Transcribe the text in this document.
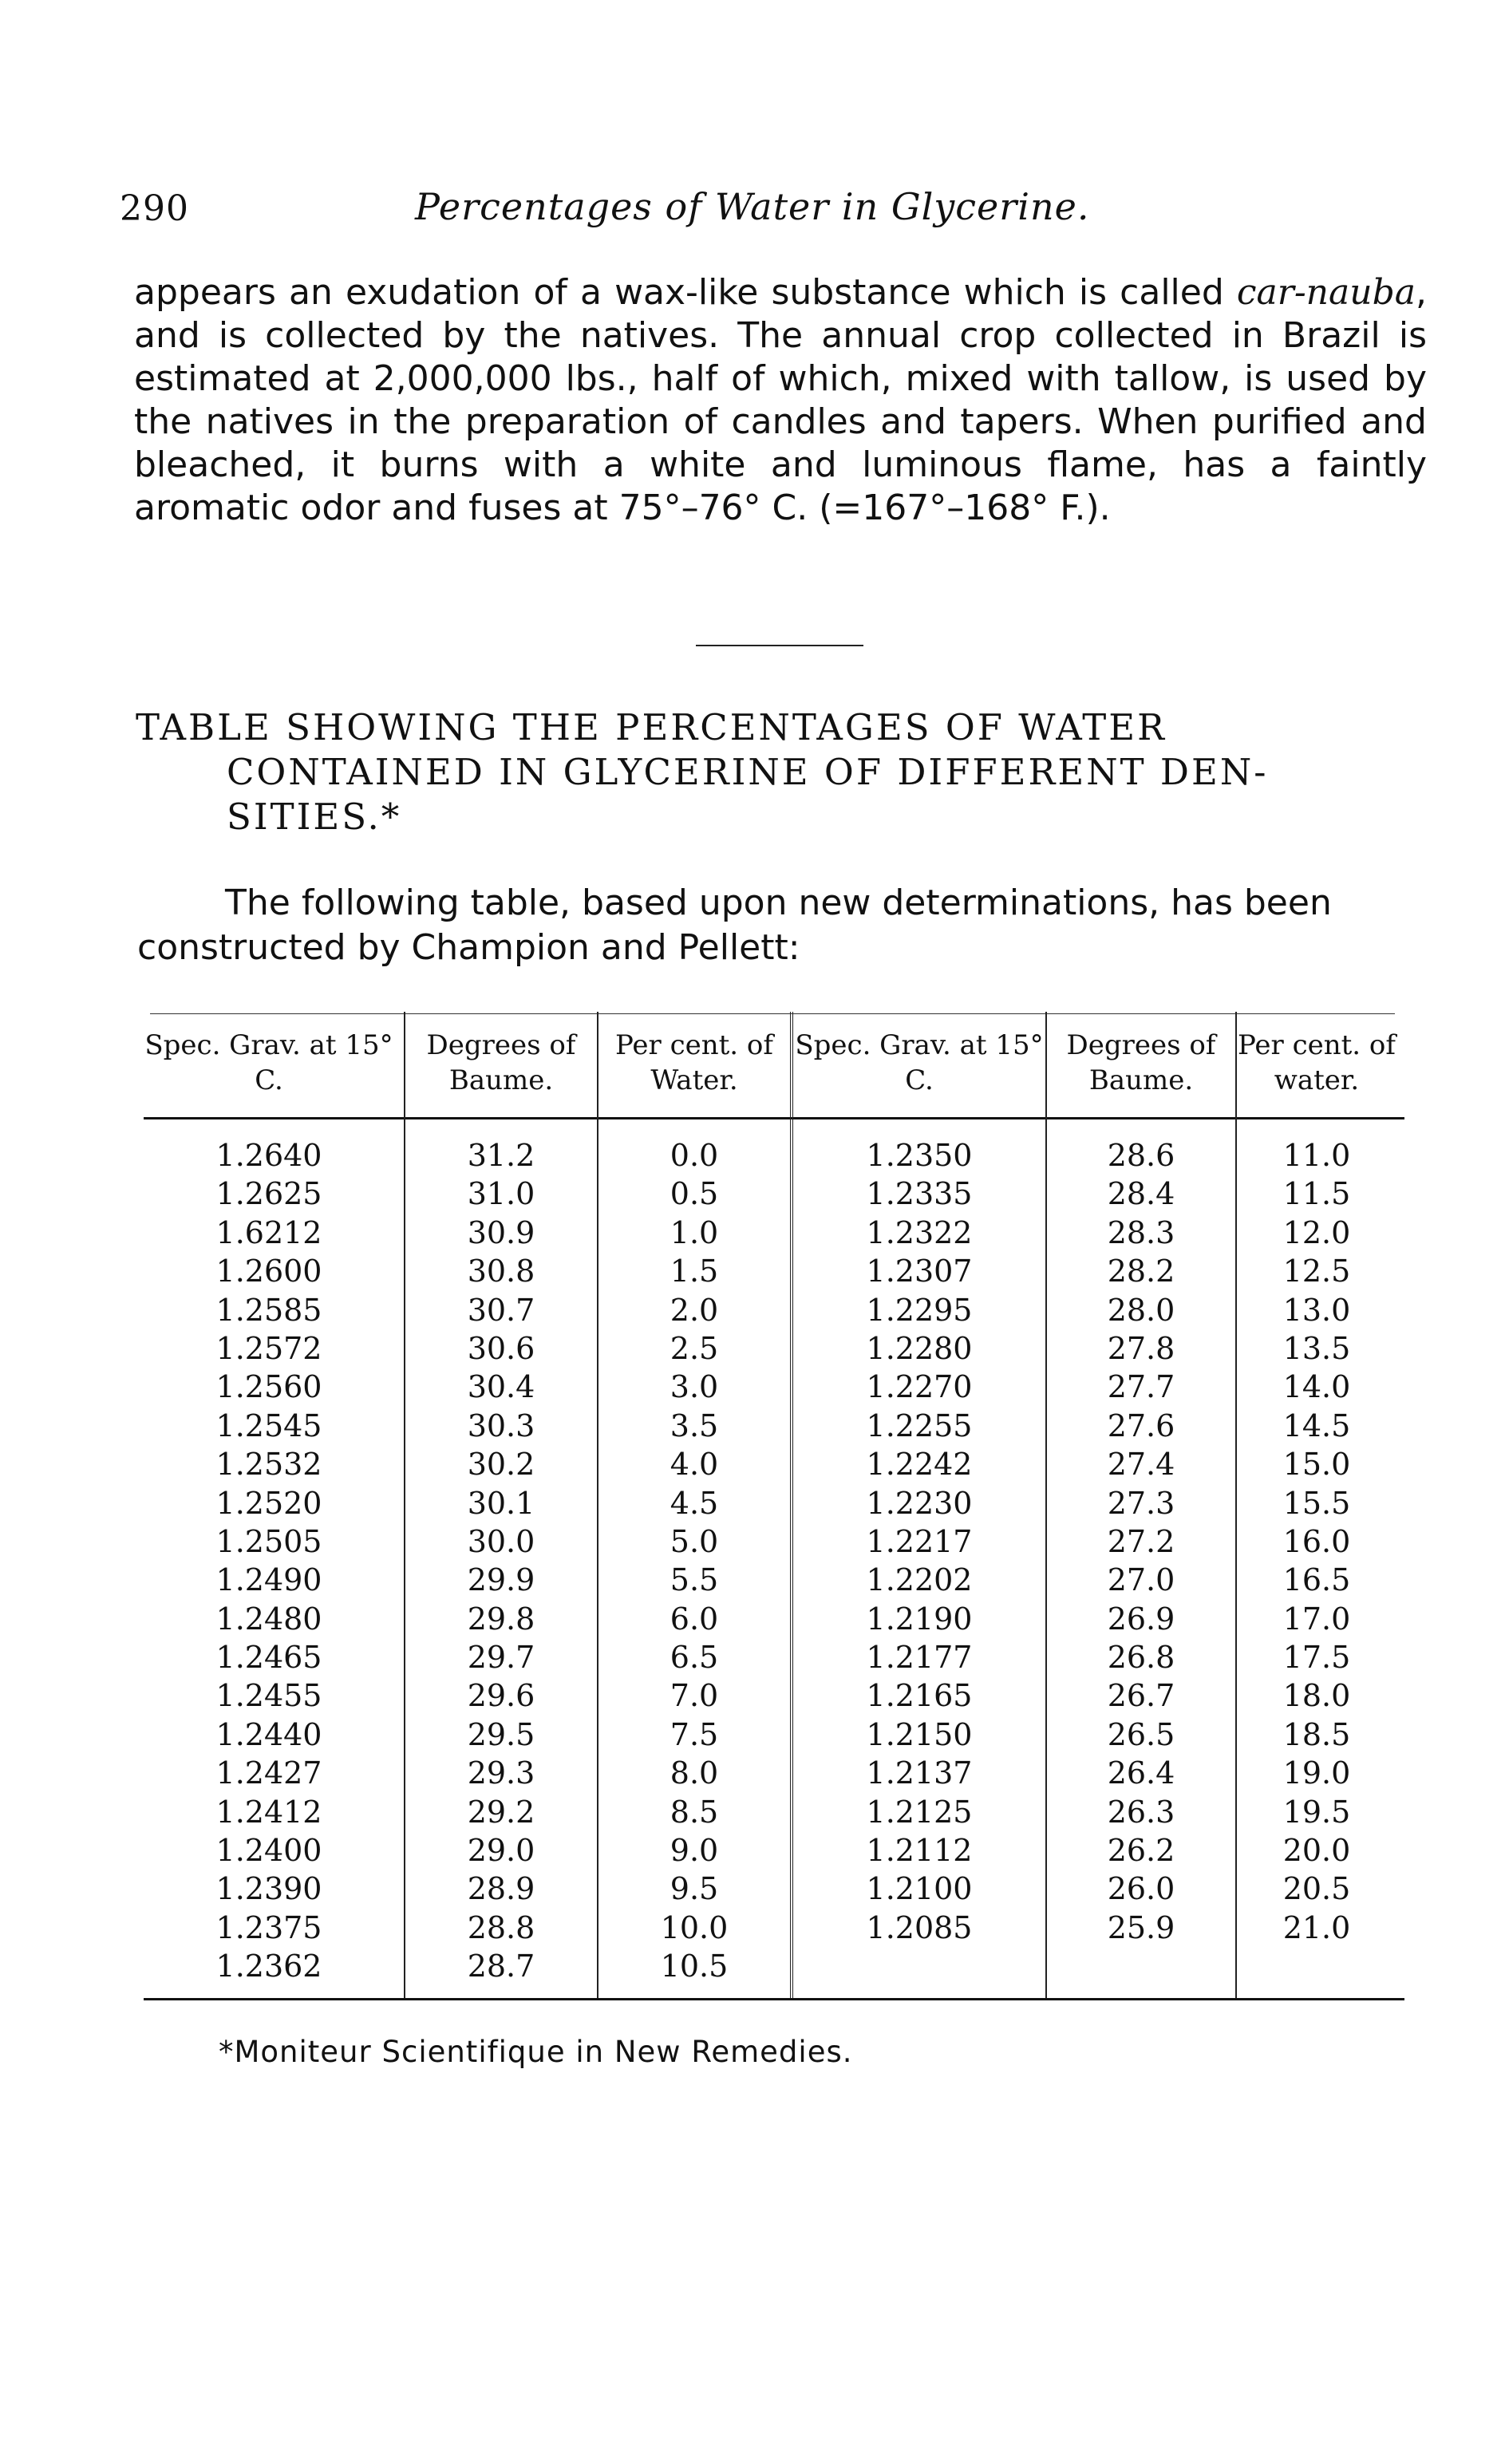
290	Percentages of Water in Glycerine.

appears an exudation of a wax-like substance which is called car-nauba, and is collected by the natives. The annual crop collected in Brazil is estimated at 2,000,000 lbs., half of which, mixed with tallow, is used by the natives in the preparation of candles and tapers. When purified and bleached, it burns with a white and luminous flame, has a faintly aromatic odor and fuses at 75°–76° C. (=167°–168° F.).

TABLE SHOWING THE PERCENTAGES OF WATER
CONTAINED IN GLYCERINE OF DIFFERENT DEN-
SITIES.*

The following table, based upon new determinations, has been constructed by Champion and Pellett:

Spec. Grav. at 15° C.
Degrees of Baume.
Per cent. of Water.
Spec. Grav. at 15° C.
Degrees of Baume.
Per cent. of water.
1.2640
1.2625
1.6212
1.2600
1.2585
1.2572
1.2560
1.2545
1.2532
1.2520
1.2505
1.2490
1.2480
1.2465
1.2455
1.2440
1.2427
1.2412
1.2400
1.2390
1.2375
1.2362
31.2
31.0
30.9
30.8
30.7
30.6
30.4
30.3
30.2
30.1
30.0
29.9
29.8
29.7
29.6
29.5
29.3
29.2
29.0
28.9
28.8
28.7
0.0
0.5
1.0
1.5
2.0
2.5
3.0
3.5
4.0
4.5
5.0
5.5
6.0
6.5
7.0
7.5
8.0
8.5
9.0
9.5
10.0
10.5
1.2350
1.2335
1.2322
1.2307
1.2295
1.2280
1.2270
1.2255
1.2242
1.2230
1.2217
1.2202
1.2190
1.2177
1.2165
1.2150
1.2137
1.2125
1.2112
1.2100
1.2085
28.6
28.4
28.3
28.2
28.0
27.8
27.7
27.6
27.4
27.3
27.2
27.0
26.9
26.8
26.7
26.5
26.4
26.3
26.2
26.0
25.9
11.0
11.5
12.0
12.5
13.0
13.5
14.0
14.5
15.0
15.5
16.0
16.5
17.0
17.5
18.0
18.5
19.0
19.5
20.0
20.5
21.0
*Moniteur Scientifique in New Remedies.
